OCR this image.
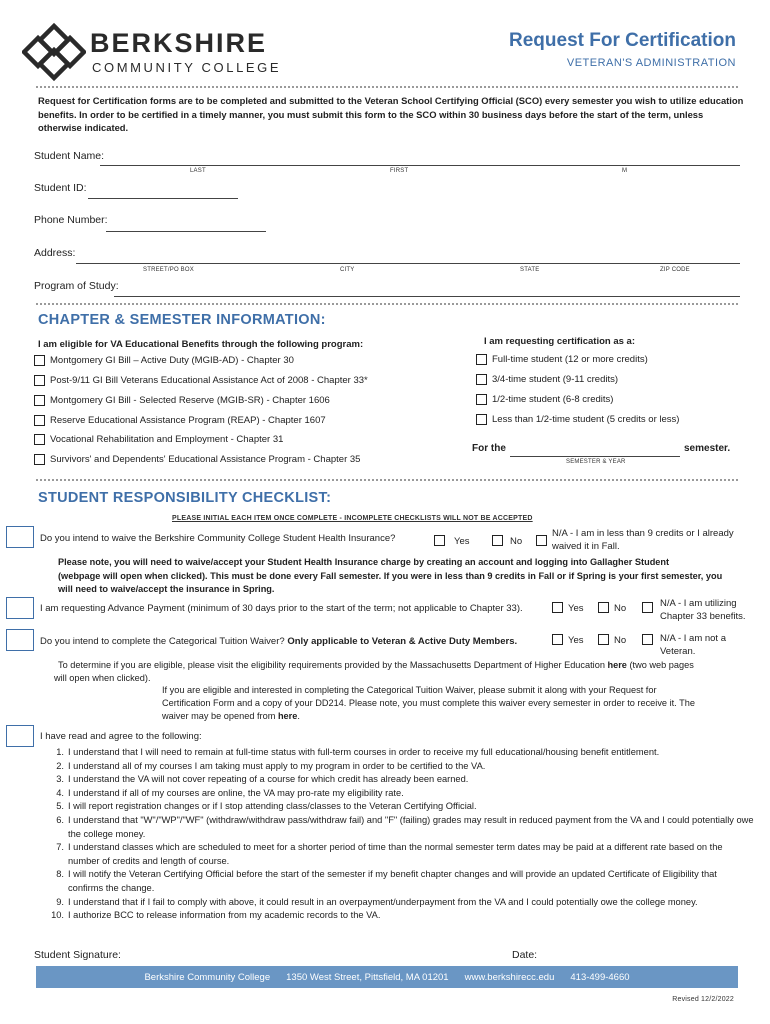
BERKSHIRE
COMMUNITY COLLEGE
Request For Certification
VETERAN'S ADMINISTRATION
Request for Certification forms are to be completed and submitted to the Veteran School Certifying Official (SCO) every semester you wish to utilize education benefits. In order to be certified in a timely manner, you must submit this form to the SCO within 30 business days before the start of the term, unless otherwise indicated.
Student Name:
LAST	FIRST	M
Student ID:
Phone Number:
Address:
STREET/PO BOX	CITY	STATE	ZIP CODE
Program of Study:
CHAPTER & SEMESTER INFORMATION:
I am eligible for VA Educational Benefits through the following program:
Montgomery GI Bill – Active Duty (MGIB-AD) - Chapter 30
Post-9/11 GI Bill Veterans Educational Assistance Act of 2008 - Chapter 33*
Montgomery GI Bill - Selected Reserve (MGIB-SR) - Chapter 1606
Reserve Educational Assistance Program (REAP) - Chapter 1607
Vocational Rehabilitation and Employment - Chapter 31
Survivors' and Dependents' Educational Assistance Program - Chapter 35
I am requesting certification as a:
Full-time student (12 or more credits)
3/4-time student (9-11 credits)
1/2-time student (6-8 credits)
Less than 1/2-time student (5 credits or less)
For the	semester.
SEMESTER & YEAR
STUDENT RESPONSIBILITY CHECKLIST:
PLEASE INITIAL EACH ITEM ONCE COMPLETE - INCOMPLETE CHECKLISTS WILL NOT BE ACCEPTED
Do you intend to waive the Berkshire Community College Student Health Insurance?	Yes	No
N/A - I am in less than 9 credits or I already
waived it in Fall.
Please note, you will need to waive/accept your Student Health Insurance charge by creating an account and logging into Gallagher Student
(webpage will open when clicked). This must be done every Fall semester. If you were in less than 9 credits in Fall or if Spring is your first semester, you
will need to waive/accept the insurance in Spring.
I am requesting Advance Payment (minimum of 30 days prior to the start of the term; not applicable to Chapter 33).	Yes	No	N/A - I am utilizing
Chapter 33 benefits.
Do you intend to complete the Categorical Tuition Waiver? Only applicable to Veteran & Active Duty Members.	Yes	No	N/A - I am not a
Veteran.
To determine if you are eligible, please visit the eligibility requirements provided by the Massachusetts Department of Higher Education here (two web pages
will open when clicked).
If you are eligible and interested in completing the Categorical Tuition Waiver, please submit it along with your Request for
Certification Form and a copy of your DD214. Please note, you must complete this waiver every semester in order to receive it. The
waiver may be opened from here.
I have read and agree to the following:
1. I understand that I will need to remain at full-time status with full-term courses in order to receive my full educational/housing benefit entitlement.
2. I understand all of my courses I am taking must apply to my program in order to be certified to the VA.
3. I understand the VA will not cover repeating of a course for which credit has already been earned.
4. I understand if all of my courses are online, the VA may pro-rate my eligibility rate.
5. I will report registration changes or if I stop attending class/classes to the Veteran Certifying Official.
6. I understand that "W"/"WP"/"WF" (withdraw/withdraw pass/withdraw fail) and "F" (failing) grades may result in reduced payment from the VA and I could potentially owe the college money.
7. I understand classes which are scheduled to meet for a shorter period of time than the normal semester term dates may be paid at a different rate based on the number of credits and length of course.
8. I will notify the Veteran Certifying Official before the start of the semester if my benefit chapter changes and will provide an updated Certificate of Eligibility that confirms the change.
9. I understand that if I fail to comply with above, it could result in an overpayment/underpayment from the VA and I could potentially owe the college money.
10. I authorize BCC to release information from my academic records to the VA.
Student Signature:	Date:
Berkshire Community College 1350 West Street, Pittsfield, MA 01201 www.berkshirecc.edu 413-499-4660
Revised 12/2/2022
